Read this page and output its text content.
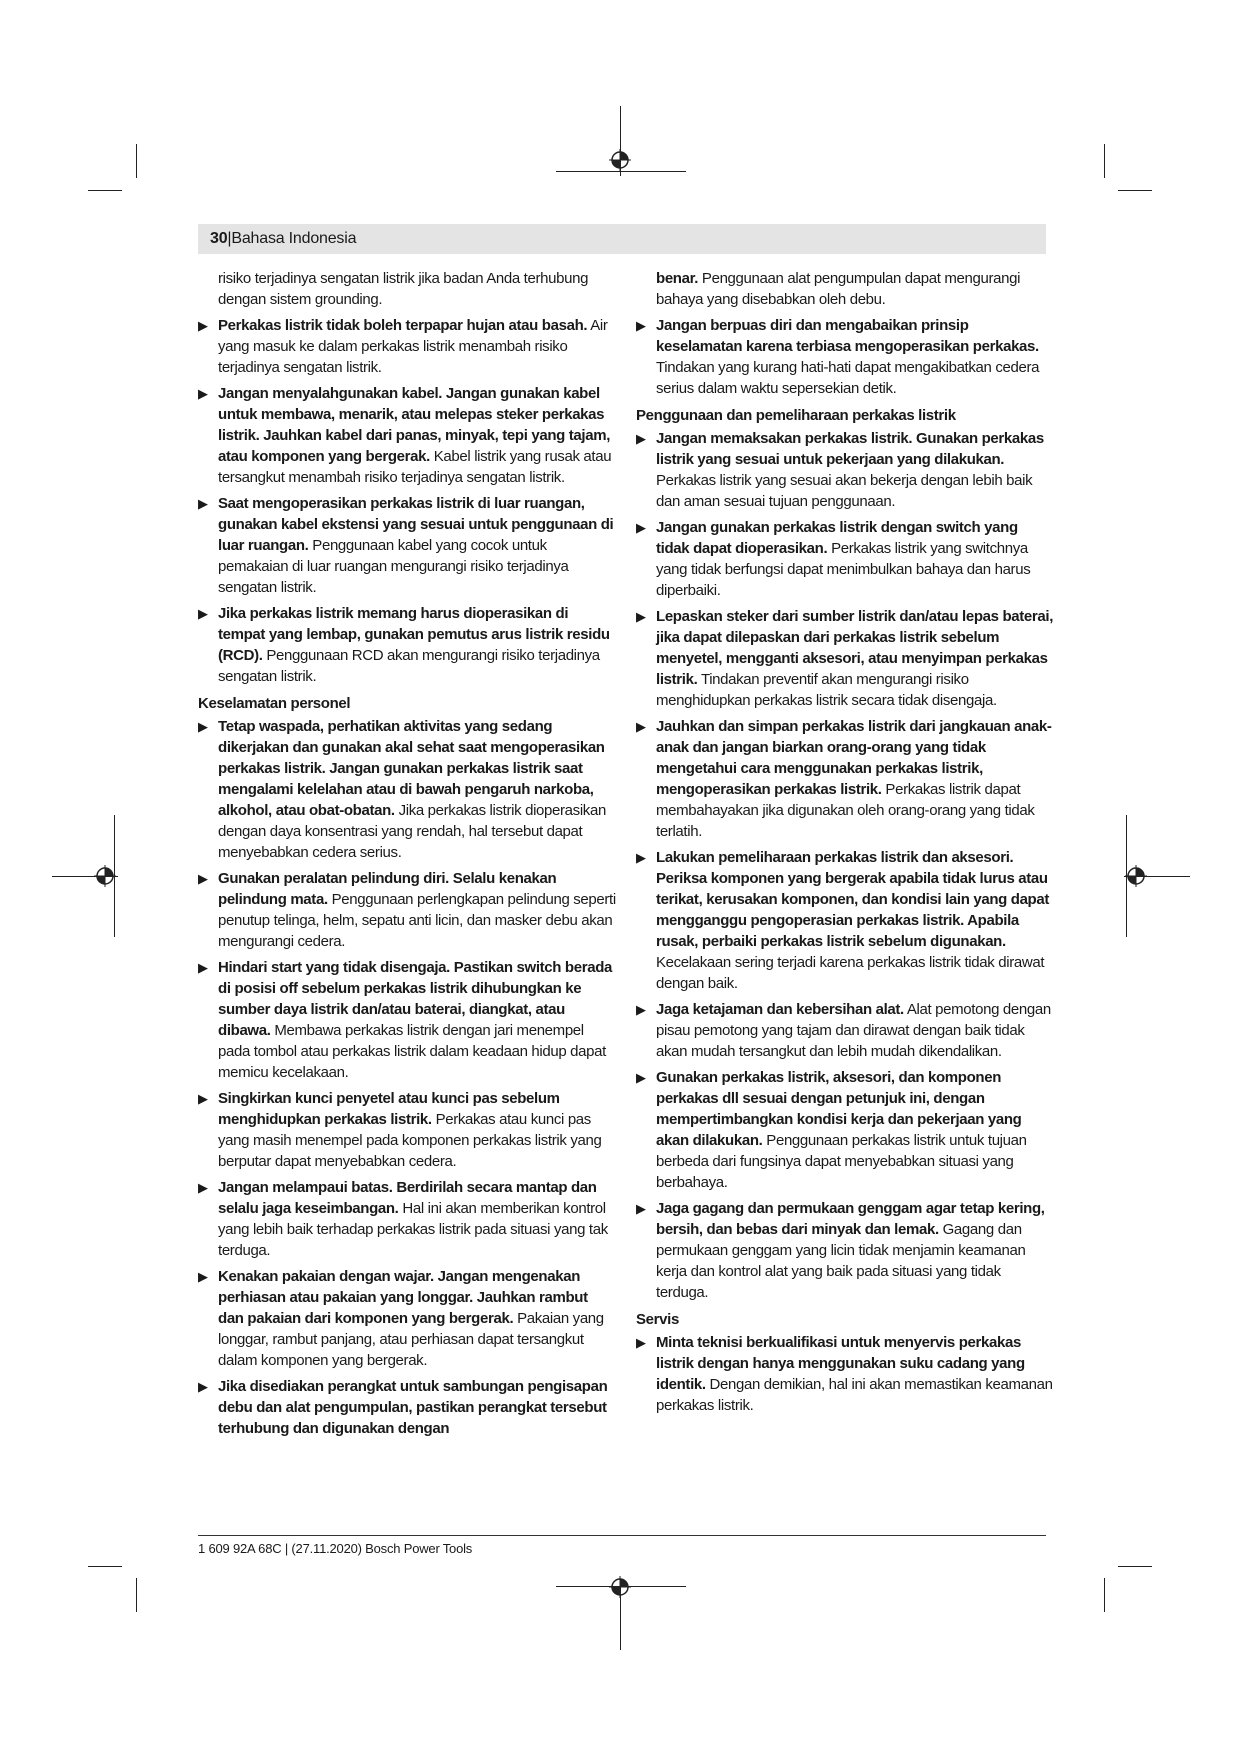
30|Bahasa Indonesia
risiko terjadinya sengatan listrik jika badan Anda terhubung dengan sistem grounding.
▶ Perkakas listrik tidak boleh terpapar hujan atau basah. Air yang masuk ke dalam perkakas listrik menambah risiko terjadinya sengatan listrik.
▶ Jangan menyalahgunakan kabel. Jangan gunakan kabel untuk membawa, menarik, atau melepas steker perkakas listrik. Jauhkan kabel dari panas, minyak, tepi yang tajam, atau komponen yang bergerak. Kabel listrik yang rusak atau tersangkut menambah risiko terjadinya sengatan listrik.
▶ Saat mengoperasikan perkakas listrik di luar ruangan, gunakan kabel ekstensi yang sesuai untuk penggunaan di luar ruangan. Penggunaan kabel yang cocok untuk pemakaian di luar ruangan mengurangi risiko terjadinya sengatan listrik.
▶ Jika perkakas listrik memang harus dioperasikan di tempat yang lembap, gunakan pemutus arus listrik residu (RCD). Penggunaan RCD akan mengurangi risiko terjadinya sengatan listrik.
Keselamatan personel
▶ Tetap waspada, perhatikan aktivitas yang sedang dikerjakan dan gunakan akal sehat saat mengoperasikan perkakas listrik. Jangan gunakan perkakas listrik saat mengalami kelelahan atau di bawah pengaruh narkoba, alkohol, atau obat-obatan. Jika perkakas listrik dioperasikan dengan daya konsentrasi yang rendah, hal tersebut dapat menyebabkan cedera serius.
▶ Gunakan peralatan pelindung diri. Selalu kenakan pelindung mata. Penggunaan perlengkapan pelindung seperti penutup telinga, helm, sepatu anti licin, dan masker debu akan mengurangi cedera.
▶ Hindari start yang tidak disengaja. Pastikan switch berada di posisi off sebelum perkakas listrik dihubungkan ke sumber daya listrik dan/atau baterai, diangkat, atau dibawa. Membawa perkakas listrik dengan jari menempel pada tombol atau perkakas listrik dalam keadaan hidup dapat memicu kecelakaan.
▶ Singkirkan kunci penyetel atau kunci pas sebelum menghidupkan perkakas listrik. Perkakas atau kunci pas yang masih menempel pada komponen perkakas listrik yang berputar dapat menyebabkan cedera.
▶ Jangan melampaui batas. Berdirilah secara mantap dan selalu jaga keseimbangan. Hal ini akan memberikan kontrol yang lebih baik terhadap perkakas listrik pada situasi yang tak terduga.
▶ Kenakan pakaian dengan wajar. Jangan mengenakan perhiasan atau pakaian yang longgar. Jauhkan rambut dan pakaian dari komponen yang bergerak. Pakaian yang longgar, rambut panjang, atau perhiasan dapat tersangkut dalam komponen yang bergerak.
▶ Jika disediakan perangkat untuk sambungan pengisapan debu dan alat pengumpulan, pastikan perangkat tersebut terhubung dan digunakan dengan
benar. Penggunaan alat pengumpulan dapat mengurangi bahaya yang disebabkan oleh debu.
▶ Jangan berpuas diri dan mengabaikan prinsip keselamatan karena terbiasa mengoperasikan perkakas. Tindakan yang kurang hati-hati dapat mengakibatkan cedera serius dalam waktu sepersekian detik.
Penggunaan dan pemeliharaan perkakas listrik
▶ Jangan memaksakan perkakas listrik. Gunakan perkakas listrik yang sesuai untuk pekerjaan yang dilakukan. Perkakas listrik yang sesuai akan bekerja dengan lebih baik dan aman sesuai tujuan penggunaan.
▶ Jangan gunakan perkakas listrik dengan switch yang tidak dapat dioperasikan. Perkakas listrik yang switchnya yang tidak berfungsi dapat menimbulkan bahaya dan harus diperbaiki.
▶ Lepaskan steker dari sumber listrik dan/atau lepas baterai, jika dapat dilepaskan dari perkakas listrik sebelum menyetel, mengganti aksesori, atau menyimpan perkakas listrik. Tindakan preventif akan mengurangi risiko menghidupkan perkakas listrik secara tidak disengaja.
▶ Jauhkan dan simpan perkakas listrik dari jangkauan anak-anak dan jangan biarkan orang-orang yang tidak mengetahui cara menggunakan perkakas listrik, mengoperasikan perkakas listrik. Perkakas listrik dapat membahayakan jika digunakan oleh orang-orang yang tidak terlatih.
▶ Lakukan pemeliharaan perkakas listrik dan aksesori. Periksa komponen yang bergerak apabila tidak lurus atau terikat, kerusakan komponen, dan kondisi lain yang dapat mengganggu pengoperasian perkakas listrik. Apabila rusak, perbaiki perkakas listrik sebelum digunakan. Kecelakaan sering terjadi karena perkakas listrik tidak dirawat dengan baik.
▶ Jaga ketajaman dan kebersihan alat. Alat pemotong dengan pisau pemotong yang tajam dan dirawat dengan baik tidak akan mudah tersangkut dan lebih mudah dikendalikan.
▶ Gunakan perkakas listrik, aksesori, dan komponen perkakas dll sesuai dengan petunjuk ini, dengan mempertimbangkan kondisi kerja dan pekerjaan yang akan dilakukan. Penggunaan perkakas listrik untuk tujuan berbeda dari fungsinya dapat menyebabkan situasi yang berbahaya.
▶ Jaga gagang dan permukaan genggam agar tetap kering, bersih, dan bebas dari minyak dan lemak. Gagang dan permukaan genggam yang licin tidak menjamin keamanan kerja dan kontrol alat yang baik pada situasi yang tidak terduga.
Servis
▶ Minta teknisi berkualifikasi untuk menyervis perkakas listrik dengan hanya menggunakan suku cadang yang identik. Dengan demikian, hal ini akan memastikan keamanan perkakas listrik.
1 609 92A 68C | (27.11.2020) Bosch Power Tools
